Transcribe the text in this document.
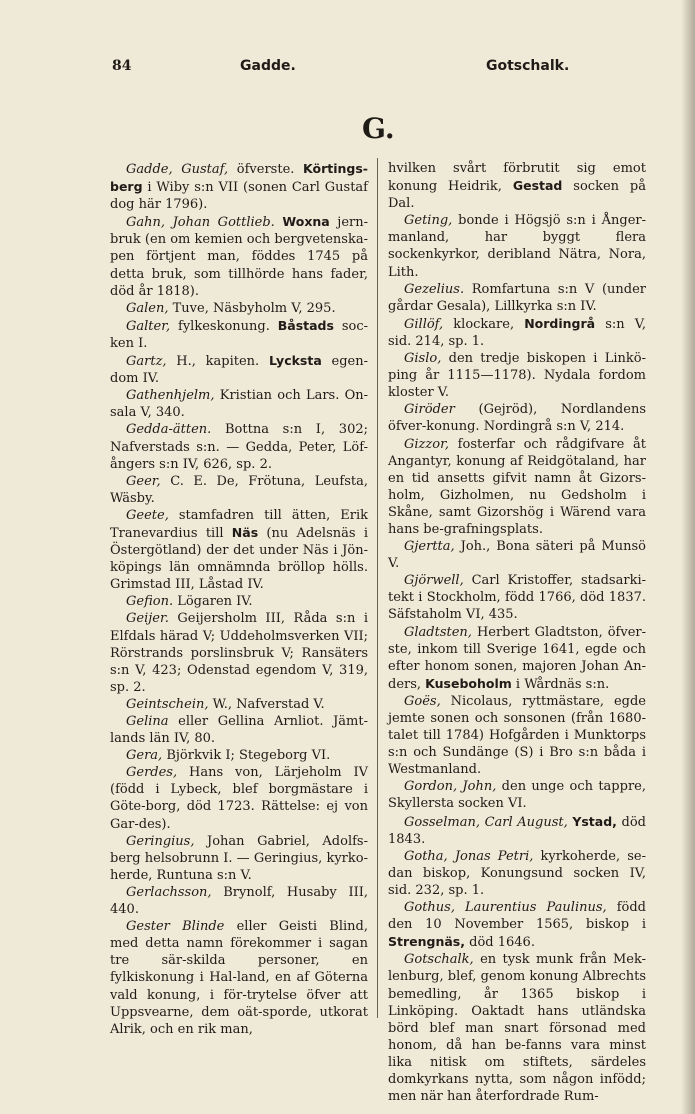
84	Gadde.	Gotschalk.
G.
Gadde, Gustaf, öfverste. Körtings-berg i Wiby s:n VII (sonen Carl Gustaf dog här 1796).
Gahn, Johan Gottlieb. Woxna jern-bruk (en om kemien och bergvetenska-pen förtjent man, föddes 1745 på detta bruk, som tillhörde hans fader, död år 1818).
Galen, Tuve, Näsbyholm V, 295.
Galter, fylkeskonung. Båstads soc-ken I.
Gartz, H., kapiten. Lycksta egen-dom IV.
Gathenhjelm, Kristian och Lars. On-sala V, 340.
Gedda-ätten. Bottna s:n I, 302; Nafverstads s:n. — Gedda, Peter, Löf-ångers s:n IV, 626, sp. 2.
Geer, C. E. De, Frötuna, Leufsta, Wäsby.
Geete, stamfadren till ätten, Erik Tranevardius till Näs (nu Adelsnäs i Östergötland) der det under Näs i Jön-köpings län omnämnda bröllop hölls. Grimstad III, Låstad IV.
Gefion. Lögaren IV.
Geijer. Geijersholm III, Råda s:n i Elfdals härad V; Uddeholmsverken VII; Rörstrands porslinsbruk V; Ransäters s:n V, 423; Odenstad egendom V, 319, sp. 2.
Geintschein, W., Nafverstad V.
Gelina eller Gellina Arnliot. Jämt-lands län IV, 80.
Gera, Björkvik I; Stegeborg VI.
Gerdes, Hans von, Lärjeholm IV (född i Lybeck, blef borgmästare i Göte-borg, död 1723. Rättelse: ej von Gar-des).
Geringius, Johan Gabriel, Adolfs-berg helsobrunn I. — Geringius, kyrko-herde, Runtuna s:n V.
Gerlachsson, Brynolf, Husaby III, 440.
Gester Blinde eller Geisti Blind, med detta namn förekommer i sagan tre sär-skilda personer, en fylkiskonung i Hal-land, en af Göterna vald konung, i för-trytelse öfver att Uppsvearne, dem oät-sporde, utkorat Alrik, och en rik man,
hvilken svårt förbrutit sig emot konung Heidrik, Gestad socken på Dal.
Geting, bonde i Högsjö s:n i Ånger-manland, har byggt flera sockenkyrkor, deribland Nätra, Nora, Lith.
Gezelius. Romfartuna s:n V (under gårdar Gesala), Lillkyrka s:n IV.
Gillöf, klockare, Nordingrå s:n V, sid. 214, sp. 1.
Gislo, den tredje biskopen i Linkö-ping år 1115—1178). Nydala fordom kloster V.
Giröder (Gejröd), Nordlandens öfver-konung. Nordingrå s:n V, 214.
Gizzor, fosterfar och rådgifvare åt Angantyr, konung af Reidgötaland, har en tid ansetts gifvit namn åt Gizors-holm, Gizholmen, nu Gedsholm i Skåne, samt Gizorshög i Wärend vara hans be-grafningsplats.
Gjertta, Joh., Bona säteri på Munsö V.
Gjörwell, Carl Kristoffer, stadsarki-tekt i Stockholm, född 1766, död 1837. Säfstaholm VI, 435.
Gladtsten, Herbert Gladtston, öfver-ste, inkom till Sverige 1641, egde och efter honom sonen, majoren Johan An-ders, Kuseboholm i Wårdnäs s:n.
Goës, Nicolaus, ryttmästare, egde jemte sonen och sonsonen (från 1680-talet till 1784) Hofgården i Munktorps s:n och Sundänge (S) i Bro s:n båda i Westmanland.
Gordon, John, den unge och tappre, Skyllersta socken VI.
Gosselman, Carl August, Ystad, död 1843.
Gotha, Jonas Petri, kyrkoherde, se-dan biskop, Konungsund socken IV, sid. 232, sp. 1.
Gothus, Laurentius Paulinus, född den 10 November 1565, biskop i Strengnäs, död 1646.
Gotschalk, en tysk munk från Mek-lenburg, blef, genom konung Albrechts bemedling, år 1365 biskop i Linköping. Oaktadt hans utländska börd blef man snart försonad med honom, då han be-fanns vara minst lika nitisk om stiftets, särdeles domkyrkans nytta, som någon infödd; men när han återfordrade Rum-
